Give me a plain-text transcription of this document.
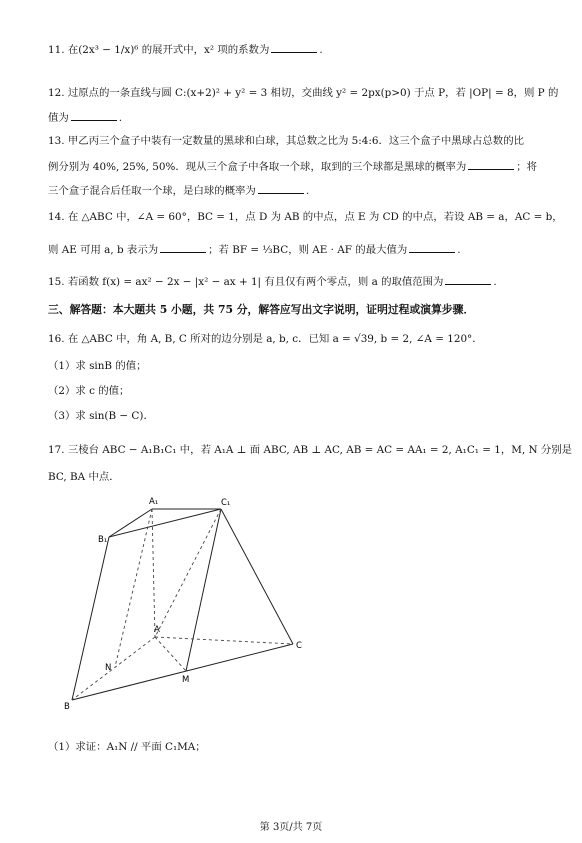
11. 在(2x³ − 1/x)⁶ 的展开式中，x² 项的系数为	.
12. 过原点的一条直线与圆 C:(x+2)² + y² = 3 相切，交曲线 y² = 2px(p>0) 于点 P，若 |OP| = 8，则 P 的
值为	.
13. 甲乙丙三个盒子中装有一定数量的黑球和白球，其总数之比为 5:4:6．这三个盒子中黑球占总数的比
例分别为 40%, 25%, 50%．现从三个盒子中各取一个球，取到的三个球都是黑球的概率为	；将
三个盒子混合后任取一个球，是白球的概率为	.
14. 在 △ABC 中，∠A = 60°，BC = 1，点 D 为 AB 的中点，点 E 为 CD 的中点，若设 AB = a，AC = b，
则 AE 可用 a, b 表示为	；若 BF = ⅓BC，则 AE · AF 的最大值为	.
15. 若函数 f(x) = ax² − 2x − |x² − ax + 1| 有且仅有两个零点，则 a 的取值范围为	.
三、解答题：本大题共 5 小题，共 75 分，解答应写出文字说明，证明过程或演算步骤．
16. 在 △ABC 中，角 A, B, C 所对的边分别是 a, b, c．已知 a = √39, b = 2, ∠A = 120°．
（1）求 sinB 的值；
（2）求 c 的值；
（3）求 sin(B − C)．
17. 三棱台 ABC − A₁B₁C₁ 中，若 A₁A ⊥ 面 ABC, AB ⊥ AC, AB = AC = AA₁ = 2, A₁C₁ = 1，M, N 分别是
BC, BA 中点．
A₁	C₁
B₁
A
C
N
M
B
（1）求证：A₁N // 平面 C₁MA；
第 3页/共 7页
